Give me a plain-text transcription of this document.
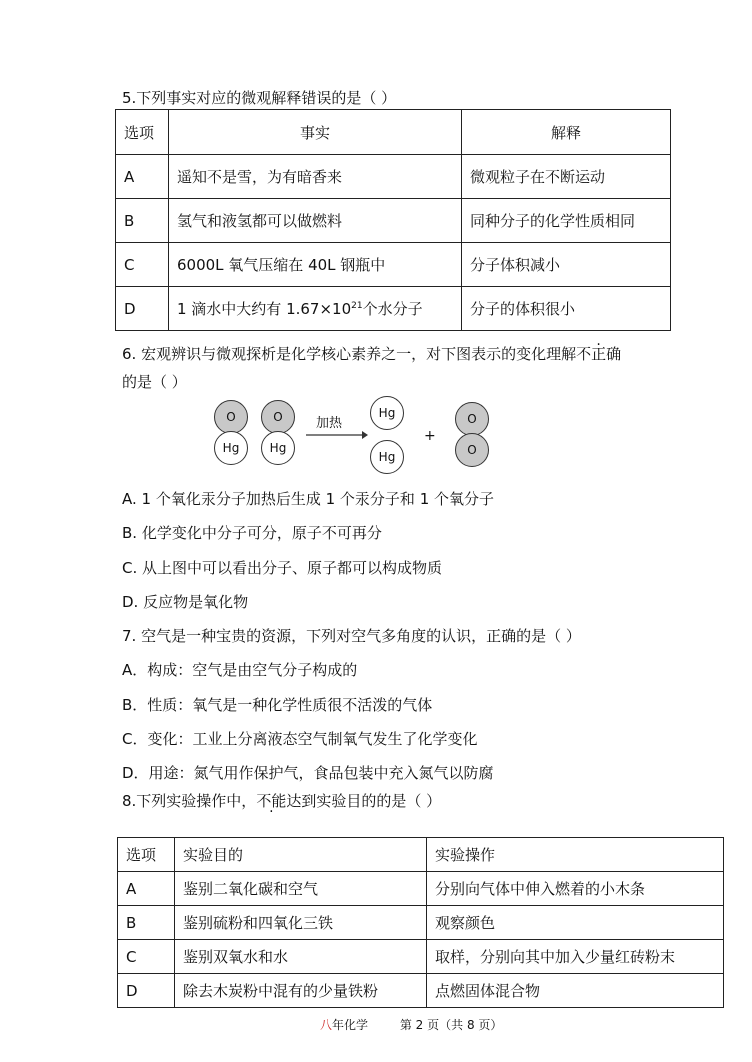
5.下列事实对应的微观解释错误的是（ ）
选项	事实	解释
A	遥知不是雪，为有暗香来	微观粒子在不断运动
B	氢气和液氢都可以做燃料	同种分子的化学性质相同
C	6000L 氧气压缩在 40L 钢瓶中	分子体积减小
D	1 滴水中大约有 $1.67\times 10^{21}$个水分子	分子的体积很小
6. 宏观辨识与微观探析是化学核心素养之一，对下图表示的变化理解不正确 ·
的是（ ）
O
Hg
O
Hg
加热
Hg
Hg
+
O
O
A. 1 个氧化汞分子加热后生成 1 个汞分子和 1 个氧分子
B. 化学变化中分子可分，原子不可再分
C. 从上图中可以看出分子、原子都可以构成物质
D. 反应物是氧化物
7. 空气是一种宝贵的资源，下列对空气多角度的认识，正确的是（ ）
A．构成：空气是由空气分子构成的
B．性质：氧气是一种化学性质很不活泼的气体
C．变化：工业上分离液态空气制氧气发生了化学变化
D．用途：氮气用作保护气，食品包装中充入氮气以防腐
8.下列实验操作中，不能达到实验目的的是（ ）
选项	实验目的	实验操作
A	鉴别二氧化碳和空气	分别向气体中伸入燃着的小木条
B	鉴别硫粉和四氧化三铁	观察颜色
C	鉴别双氧水和水	取样，分别向其中加入少量红砖粉末
D	除去木炭粉中混有的少量铁粉	点燃固体混合物
八年化学	第 2 页（共 8 页）
